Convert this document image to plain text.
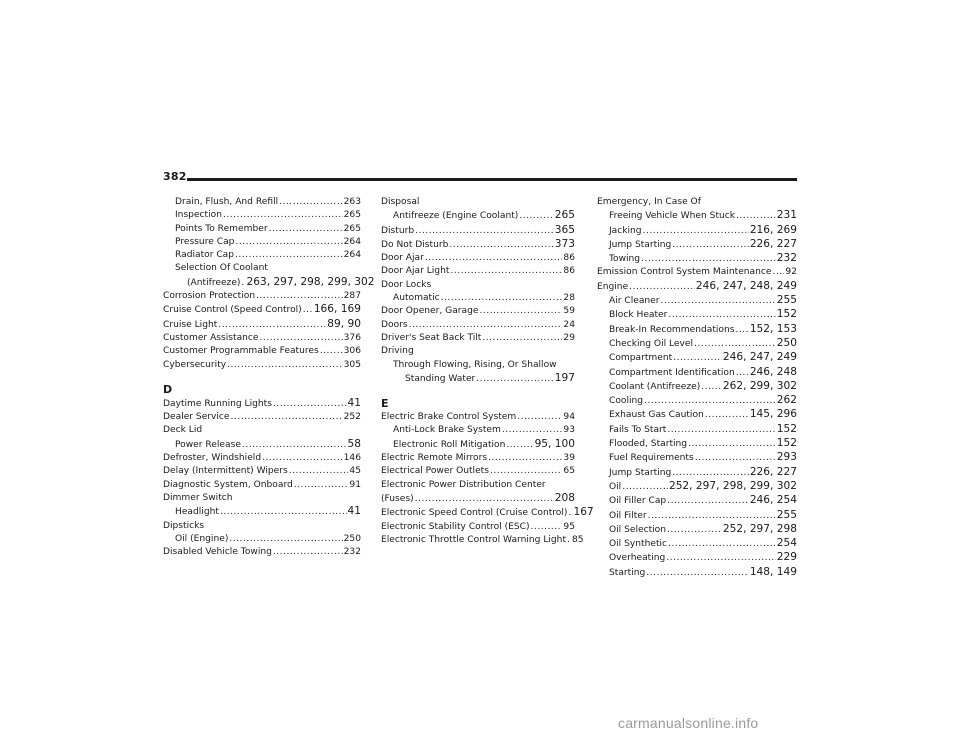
382
Drain, Flush, And Refill .....	263
Inspection .....	265
Points To Remember .....	265
Pressure Cap .....	264
Radiator Cap .....	264
Selection Of Coolant
(Antifreeze) ..... 263, 297, 298, 299, 302
Corrosion Protection .....	287
Cruise Control (Speed Control) ..... 166, 169
Cruise Light .....	89, 90
Customer Assistance .....	376
Customer Programmable Features .....	306
Cybersecurity .....	305
D
Daytime Running Lights .....	41
Dealer Service .....	252
Deck Lid
Power Release .....	58
Defroster, Windshield .....	146
Delay (Intermittent) Wipers .....	45
Diagnostic System, Onboard .....	91
Dimmer Switch
Headlight .....	41
Dipsticks
Oil (Engine) .....	250
Disabled Vehicle Towing .....	232
Disposal
Antifreeze (Engine Coolant) .....	265
Disturb .....	365
Do Not Disturb .....	373
Door Ajar .....	86
Door Ajar Light .....	86
Door Locks
Automatic .....	28
Door Opener, Garage .....	59
Doors .....	24
Driver's Seat Back Tilt .....	29
Driving
Through Flowing, Rising, Or Shallow
Standing Water .....	197
E
Electric Brake Control System .....	94
Anti-Lock Brake System .....	93
Electronic Roll Mitigation .....	95, 100
Electric Remote Mirrors .....	39
Electrical Power Outlets .....	65
Electronic Power Distribution Center
(Fuses) .....	208
Electronic Speed Control (Cruise Control) ..... 167
Electronic Stability Control (ESC) .....	95
Electronic Throttle Control Warning Light ..... 85
Emergency, In Case Of
Freeing Vehicle When Stuck .....	231
Jacking .....	216, 269
Jump Starting .....	226, 227
Towing .....	232
Emission Control System Maintenance ..... 92
Engine .....	246, 247, 248, 249
Air Cleaner .....	255
Block Heater .....	152
Break-In Recommendations ..... 152, 153
Checking Oil Level .....	250
Compartment .....	246, 247, 249
Compartment Identification ..... 246, 248
Coolant (Antifreeze) ..... 262, 299, 302
Cooling .....	262
Exhaust Gas Caution .....	145, 296
Fails To Start .....	152
Flooded, Starting .....	152
Fuel Requirements .....	293
Jump Starting .....	226, 227
Oil .....	252, 297, 298, 299, 302
Oil Filler Cap .....	246, 254
Oil Filter .....	255
Oil Selection .....	252, 297, 298
Oil Synthetic .....	254
Overheating .....	229
Starting .....	148, 149
carmanualsonline.info
